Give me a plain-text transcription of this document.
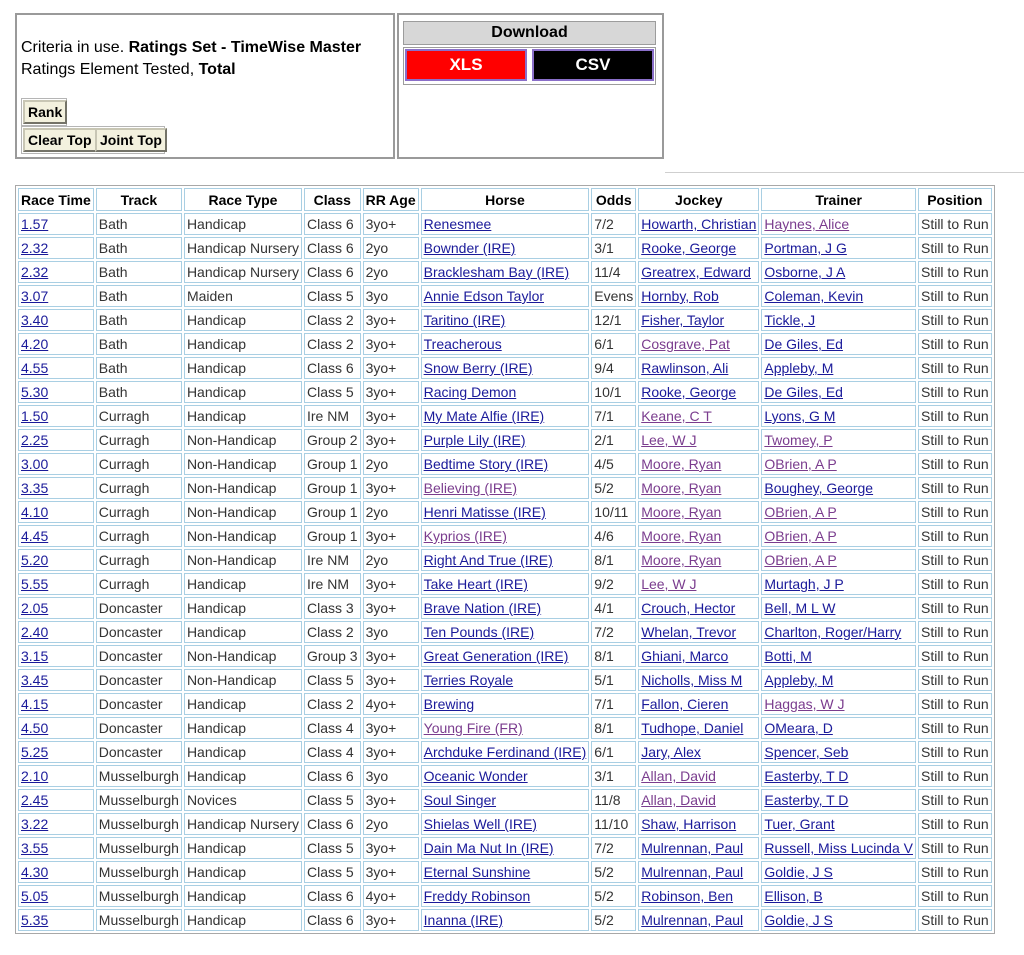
Criteria in use. Ratings Set - TimeWise Master
Ratings Element Tested, Total
Rank
Clear Top Joint Top
Download
XLS	CSV
Race Time	Track	Race Type	Class	RR Age	Horse	Odds	Jockey	Trainer	Position
1.57	Bath	Handicap	Class 6	3yo+	Renesmee	7/2	Howarth, Christian	Haynes, Alice	Still to Run
2.32	Bath	Handicap Nursery	Class 6	2yo	Bownder (IRE)	3/1	Rooke, George	Portman, J G	Still to Run
2.32	Bath	Handicap Nursery	Class 6	2yo	Bracklesham Bay (IRE)	11/4	Greatrex, Edward	Osborne, J A	Still to Run
3.07	Bath	Maiden	Class 5	3yo	Annie Edson Taylor	Evens	Hornby, Rob	Coleman, Kevin	Still to Run
3.40	Bath	Handicap	Class 2	3yo+	Taritino (IRE)	12/1	Fisher, Taylor	Tickle, J	Still to Run
4.20	Bath	Handicap	Class 2	3yo+	Treacherous	6/1	Cosgrave, Pat	De Giles, Ed	Still to Run
4.55	Bath	Handicap	Class 6	3yo+	Snow Berry (IRE)	9/4	Rawlinson, Ali	Appleby, M	Still to Run
5.30	Bath	Handicap	Class 5	3yo+	Racing Demon	10/1	Rooke, George	De Giles, Ed	Still to Run
1.50	Curragh	Handicap	Ire NM	3yo+	My Mate Alfie (IRE)	7/1	Keane, C T	Lyons, G M	Still to Run
2.25	Curragh	Non-Handicap	Group 2	3yo+	Purple Lily (IRE)	2/1	Lee, W J	Twomey, P	Still to Run
3.00	Curragh	Non-Handicap	Group 1	2yo	Bedtime Story (IRE)	4/5	Moore, Ryan	OBrien, A P	Still to Run
3.35	Curragh	Non-Handicap	Group 1	3yo+	Believing (IRE)	5/2	Moore, Ryan	Boughey, George	Still to Run
4.10	Curragh	Non-Handicap	Group 1	2yo	Henri Matisse (IRE)	10/11	Moore, Ryan	OBrien, A P	Still to Run
4.45	Curragh	Non-Handicap	Group 1	3yo+	Kyprios (IRE)	4/6	Moore, Ryan	OBrien, A P	Still to Run
5.20	Curragh	Non-Handicap	Ire NM	2yo	Right And True (IRE)	8/1	Moore, Ryan	OBrien, A P	Still to Run
5.55	Curragh	Handicap	Ire NM	3yo+	Take Heart (IRE)	9/2	Lee, W J	Murtagh, J P	Still to Run
2.05	Doncaster	Handicap	Class 3	3yo+	Brave Nation (IRE)	4/1	Crouch, Hector	Bell, M L W	Still to Run
2.40	Doncaster	Handicap	Class 2	3yo	Ten Pounds (IRE)	7/2	Whelan, Trevor	Charlton, Roger/Harry	Still to Run
3.15	Doncaster	Non-Handicap	Group 3	3yo+	Great Generation (IRE)	8/1	Ghiani, Marco	Botti, M	Still to Run
3.45	Doncaster	Non-Handicap	Class 5	3yo+	Terries Royale	5/1	Nicholls, Miss M	Appleby, M	Still to Run
4.15	Doncaster	Handicap	Class 2	4yo+	Brewing	7/1	Fallon, Cieren	Haggas, W J	Still to Run
4.50	Doncaster	Handicap	Class 4	3yo+	Young Fire (FR)	8/1	Tudhope, Daniel	OMeara, D	Still to Run
5.25	Doncaster	Handicap	Class 4	3yo+	Archduke Ferdinand (IRE)	6/1	Jary, Alex	Spencer, Seb	Still to Run
2.10	Musselburgh	Handicap	Class 6	3yo	Oceanic Wonder	3/1	Allan, David	Easterby, T D	Still to Run
2.45	Musselburgh	Novices	Class 5	3yo+	Soul Singer	11/8	Allan, David	Easterby, T D	Still to Run
3.22	Musselburgh	Handicap Nursery	Class 6	2yo	Shielas Well (IRE)	11/10	Shaw, Harrison	Tuer, Grant	Still to Run
3.55	Musselburgh	Handicap	Class 5	3yo+	Dain Ma Nut In (IRE)	7/2	Mulrennan, Paul	Russell, Miss Lucinda V	Still to Run
4.30	Musselburgh	Handicap	Class 5	3yo+	Eternal Sunshine	5/2	Mulrennan, Paul	Goldie, J S	Still to Run
5.05	Musselburgh	Handicap	Class 6	4yo+	Freddy Robinson	5/2	Robinson, Ben	Ellison, B	Still to Run
5.35	Musselburgh	Handicap	Class 6	3yo+	Inanna (IRE)	5/2	Mulrennan, Paul	Goldie, J S	Still to Run
